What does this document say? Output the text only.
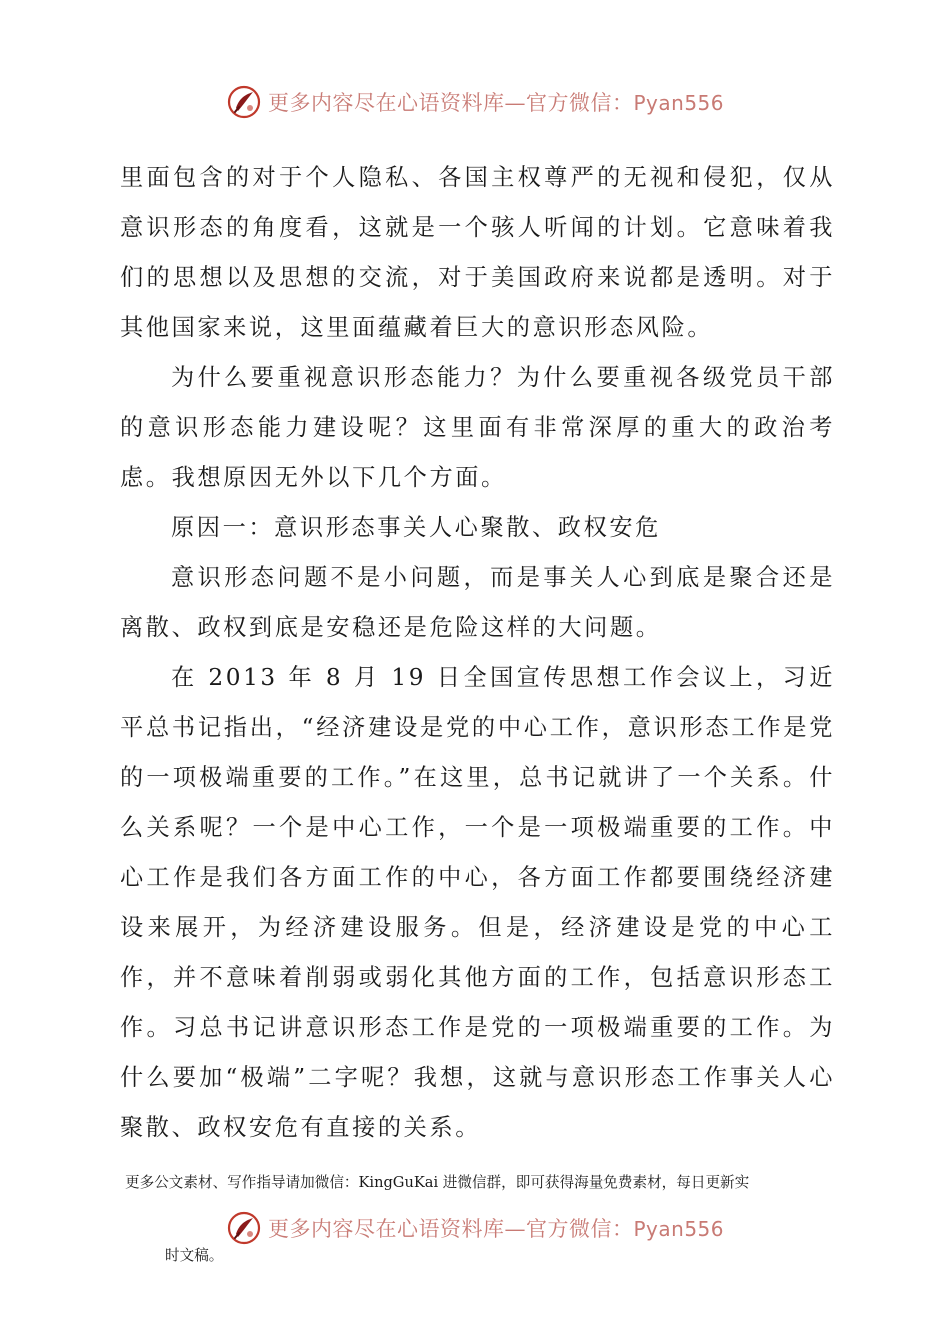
更多内容尽在心语资料库—官方微信：Pyan556

里面包含的对于个人隐私、各国主权尊严的无视和侵犯，仅从意识形态的角度看，这就是一个骇人听闻的计划。它意味着我们的思想以及思想的交流，对于美国政府来说都是透明。对于其他国家来说，这里面蕴藏着巨大的意识形态风险。

为什么要重视意识形态能力？为什么要重视各级党员干部的意识形态能力建设呢？这里面有非常深厚的重大的政治考虑。我想原因无外以下几个方面。

原因一：意识形态事关人心聚散、政权安危

意识形态问题不是小问题，而是事关人心到底是聚合还是离散、政权到底是安稳还是危险这样的大问题。

在 2013 年 8 月 19 日全国宣传思想工作会议上，习近平总书记指出，“经济建设是党的中心工作，意识形态工作是党的一项极端重要的工作。”在这里，总书记就讲了一个关系。什么关系呢？一个是中心工作，一个是一项极端重要的工作。中心工作是我们各方面工作的中心，各方面工作都要围绕经济建设来展开，为经济建设服务。但是，经济建设是党的中心工作，并不意味着削弱或弱化其他方面的工作，包括意识形态工作。习总书记讲意识形态工作是党的一项极端重要的工作。为什么要加“极端”二字呢？我想，这就与意识形态工作事关人心聚散、政权安危有直接的关系。

更多公文素材、写作指导请加微信：KingGuKai 进微信群，即可获得海量免费素材，每日更新实
更多内容尽在心语资料库—官方微信：Pyan556
时文稿。
